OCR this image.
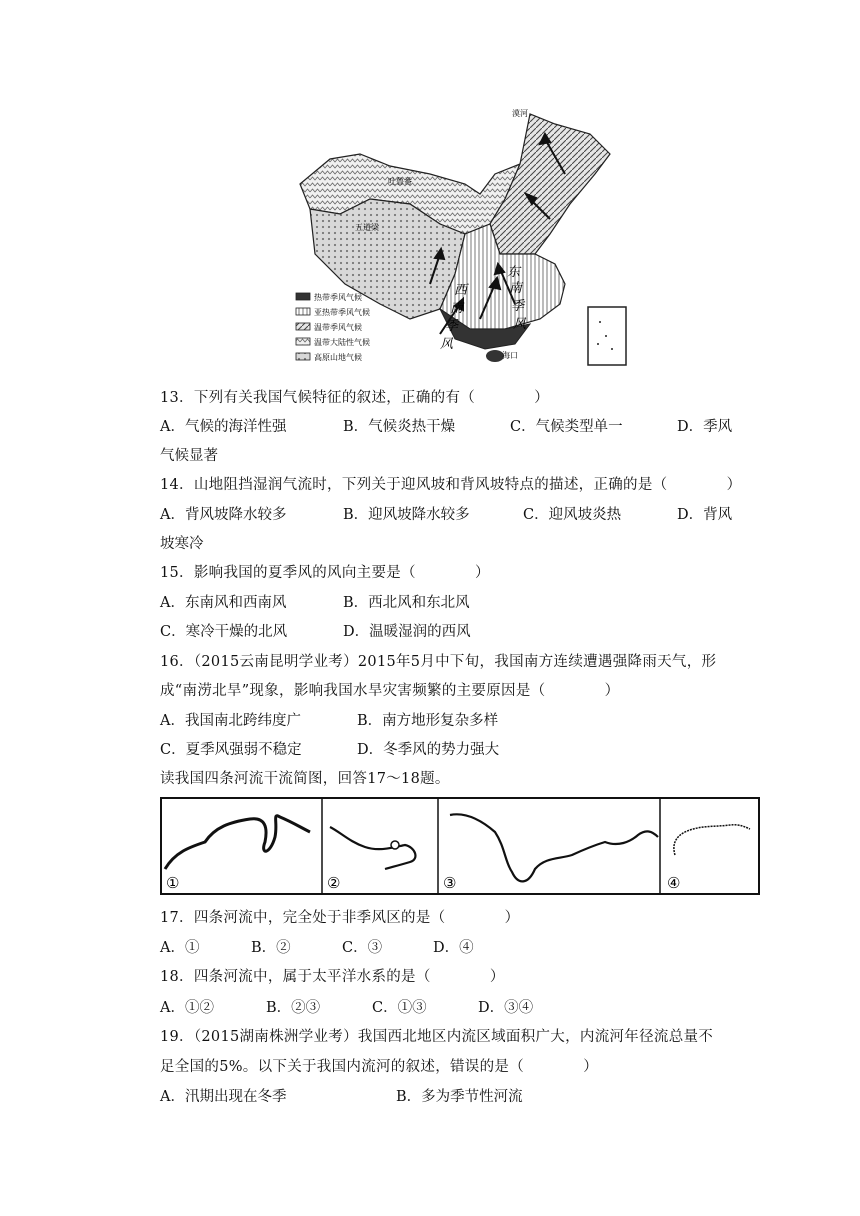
漠河
吐鲁番
五道梁
海口
东
南
季
风
西
南
季
风
热带季风气候
亚热带季风气候
温带季风气候
温带大陆性气候
高原山地气候
13．下列有关我国气候特征的叙述，正确的有（　　　　）
A．气候的海洋性强	B．气候炎热干燥	C．气候类型单一	D．季风
气候显著
14．山地阻挡湿润气流时，下列关于迎风坡和背风坡特点的描述，正确的是（　　　　）
A．背风坡降水较多	B．迎风坡降水较多	C．迎风坡炎热	D．背风
坡寒冷
15．影响我国的夏季风的风向主要是（　　　　）
A．东南风和西南风	B．西北风和东北风
C．寒冷干燥的北风	D．温暖湿润的西风
16．（2015云南昆明学业考）2015年5月中下旬，我国南方连续遭遇强降雨天气，形
成“南涝北旱”现象，影响我国水旱灾害频繁的主要原因是（　　　　）
A．我国南北跨纬度广	B．南方地形复杂多样
C．夏季风强弱不稳定	D．冬季风的势力强大
读我国四条河流干流简图，回答17～18题。
①	②	③	④
17．四条河流中，完全处于非季风区的是（　　　　）
A．①	B．②	C．③	D．④
18．四条河流中，属于太平洋水系的是（　　　　）
A．①②	B．②③	C．①③	D．③④
19．（2015湖南株洲学业考）我国西北地区内流区域面积广大，内流河年径流总量不
足全国的5%。以下关于我国内流河的叙述，错误的是（　　　　）
A．汛期出现在冬季	B．多为季节性河流
